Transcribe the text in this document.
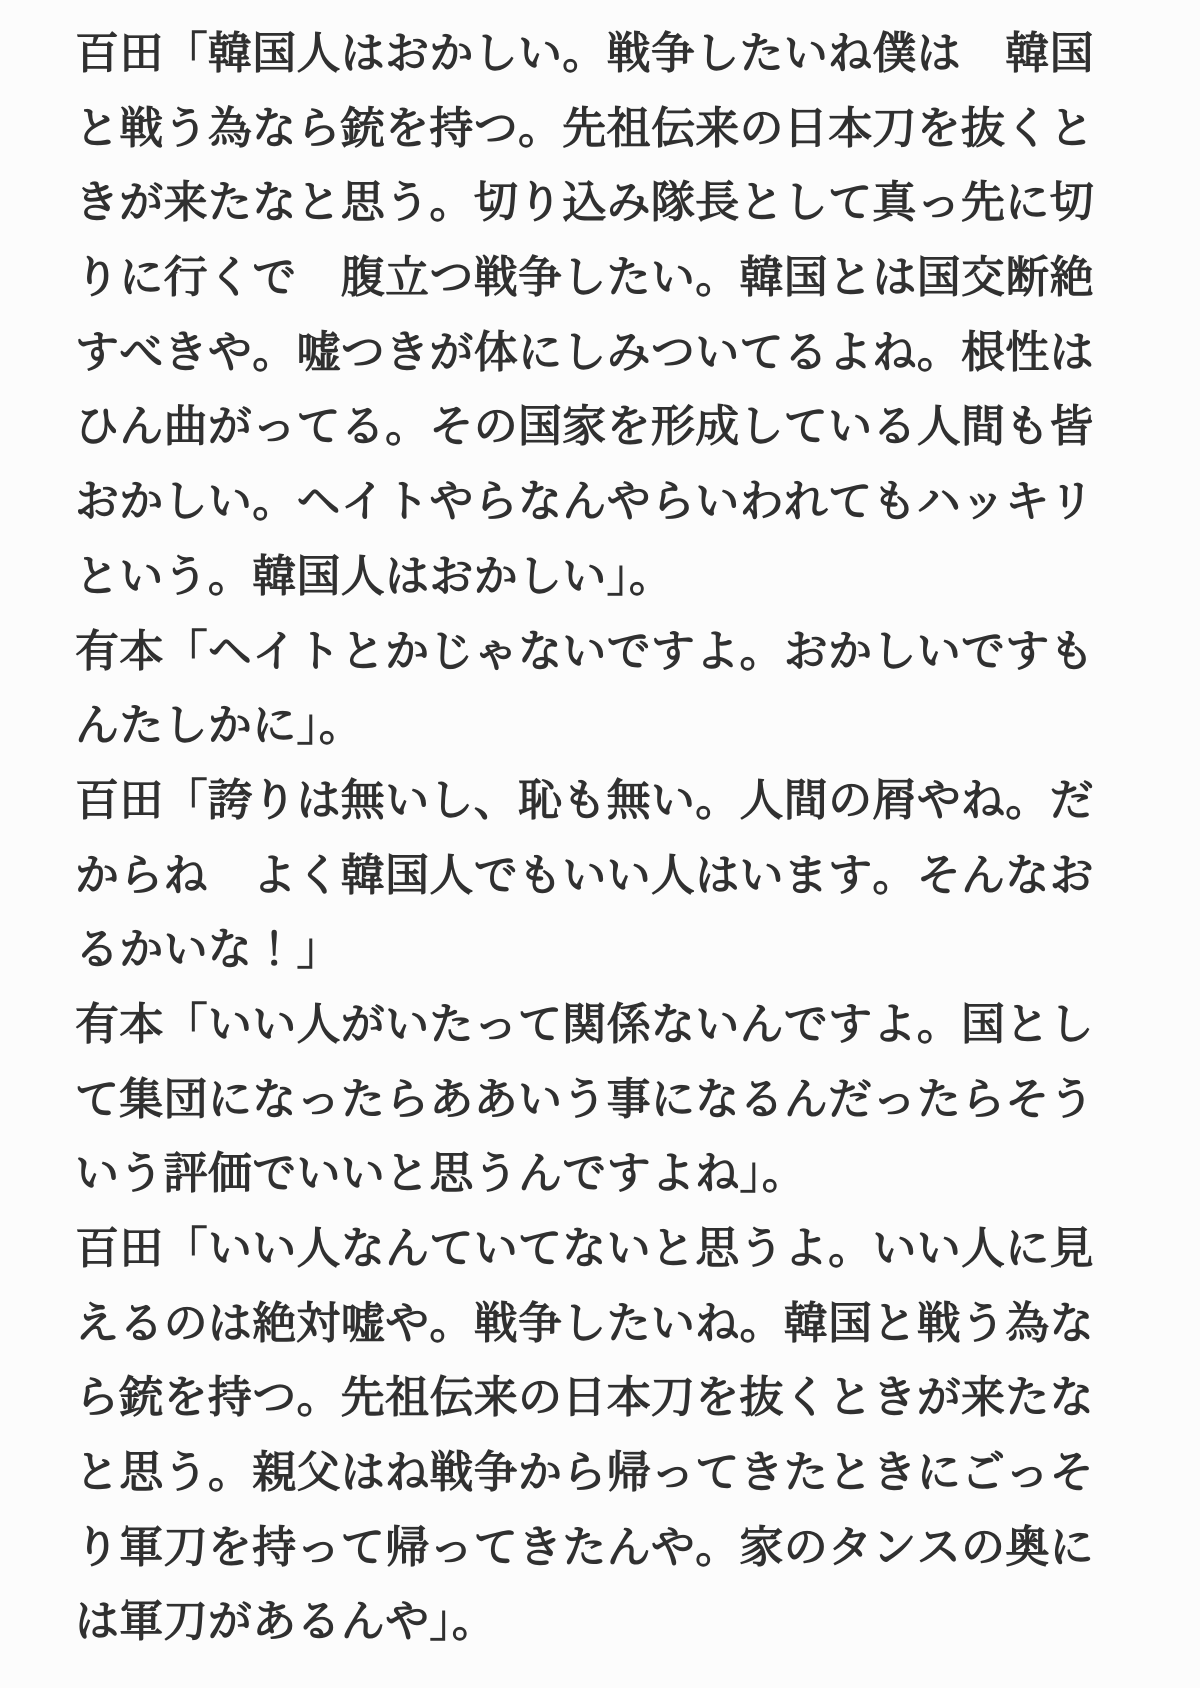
百田「韓国人はおかしい。戦争したいね僕は　韓国
と戦う為なら銃を持つ。先祖伝来の日本刀を抜くと
きが来たなと思う。切り込み隊長として真っ先に切
りに行くで　腹立つ戦争したい。韓国とは国交断絶
すべきや。嘘つきが体にしみついてるよね。根性は
ひん曲がってる。その国家を形成している人間も皆
おかしい。ヘイトやらなんやらいわれてもハッキリ
という。韓国人はおかしい」。
有本「ヘイトとかじゃないですよ。おかしいですも
んたしかに」。
百田「誇りは無いし、恥も無い。人間の屑やね。だ
からね　よく韓国人でもいい人はいます。そんなお
るかいな！」
有本「いい人がいたって関係ないんですよ。国とし
て集団になったらああいう事になるんだったらそう
いう評価でいいと思うんですよね」。
百田「いい人なんていてないと思うよ。いい人に見
えるのは絶対嘘や。戦争したいね。韓国と戦う為な
ら銃を持つ。先祖伝来の日本刀を抜くときが来たな
と思う。親父はね戦争から帰ってきたときにごっそ
り軍刀を持って帰ってきたんや。家のタンスの奥に
は軍刀があるんや」。
